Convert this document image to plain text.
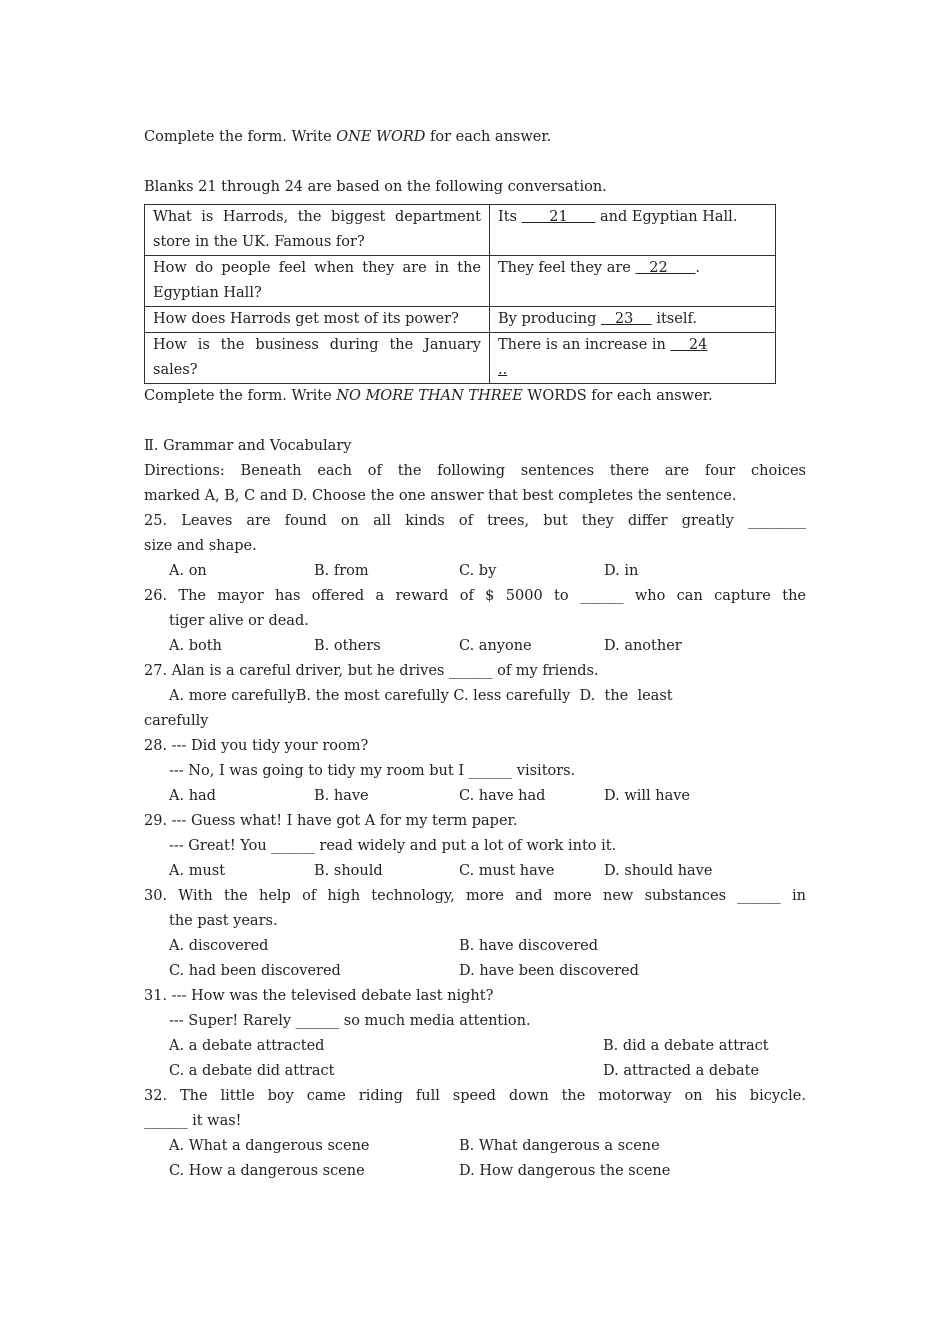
Complete the form. Write ONE WORD for each answer.
Blanks 21 through 24 are based on the following conversation.
What is Harrods, the biggest department store in the UK. Famous for?	Its       21       and Egyptian Hall.
How do people feel when they are in the Egyptian Hall?	They feel they are    22      .
How does Harrods get most of its power?	By producing    23     itself.
How is the business during the January sales?	There is an increase in     24
..
Complete the form. Write NO MORE THAN THREE WORDS for each answer.
Ⅱ. Grammar and Vocabulary
Directions: Beneath each of the following sentences there are four choices
marked A, B, C and D. Choose the one answer that best completes the sentence.
25. Leaves are found on all kinds of trees, but they differ greatly ________
size and shape.
A. on	B. from	C. by	D. in
26. The mayor has offered a reward of $ 5000 to ______ who can capture the
tiger alive or dead.
A. both	B. others	C. anyone	D. another
27. Alan is a careful driver, but he drives ______ of my friends.
A. more carefullyB. the most carefully C. less carefully  D.  the  least
carefully
28. --- Did you tidy your room?
--- No, I was going to tidy my room but I ______ visitors.
A. had	B. have	C. have had	D. will have
29. --- Guess what! I have got A for my term paper.
--- Great! You ______ read widely and put a lot of work into it.
A. must	B. should	C. must have	D. should have
30. With the help of high technology, more and more new substances ______ in
the past years.
A. discovered	B. have discovered
C. had been discovered	D. have been discovered
31. --- How was the televised debate last night?
--- Super! Rarely ______ so much media attention.
A. a debate attracted	B. did a debate attract
C. a debate did attract	D. attracted a debate
32. The little boy came riding full speed down the motorway on his bicycle.
______ it was!
A. What a dangerous scene	B. What dangerous a scene
C. How a dangerous scene	D. How dangerous the scene
